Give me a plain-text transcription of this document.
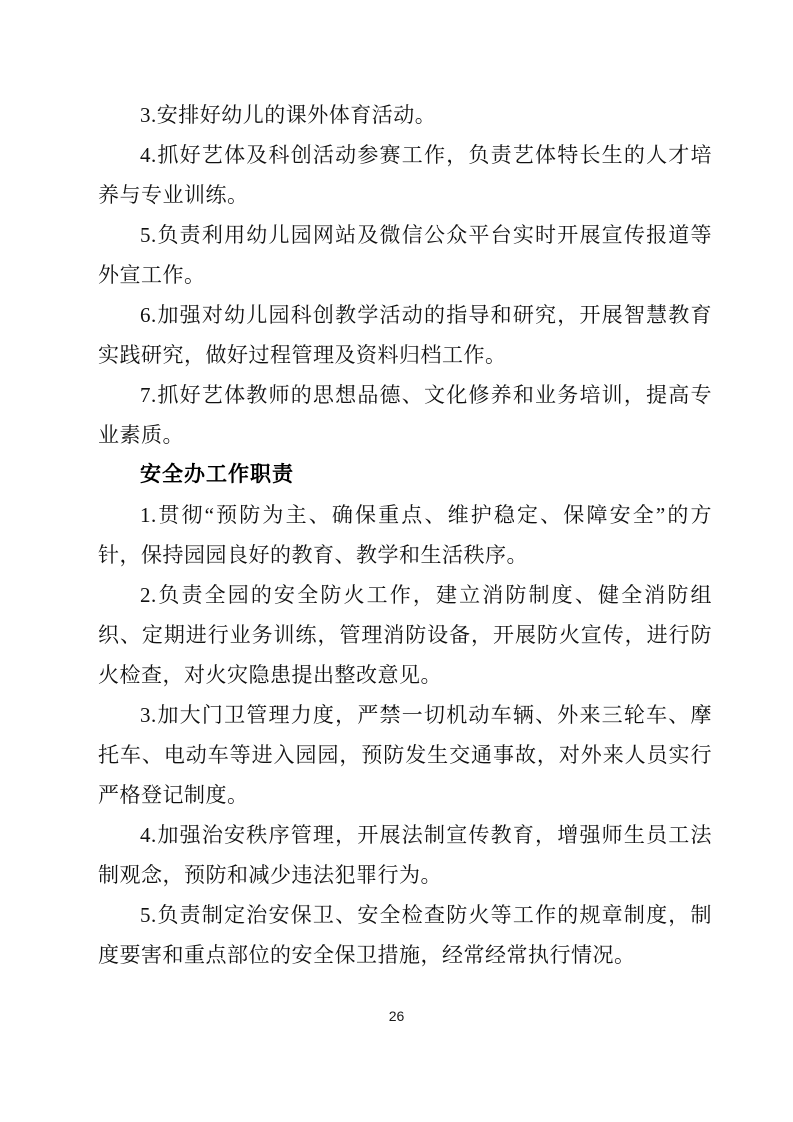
3.安排好幼儿的课外体育活动。

4.抓好艺体及科创活动参赛工作，负责艺体特长生的人才培养与专业训练。

5.负责利用幼儿园网站及微信公众平台实时开展宣传报道等外宣工作。

6.加强对幼儿园科创教学活动的指导和研究，开展智慧教育实践研究，做好过程管理及资料归档工作。

7.抓好艺体教师的思想品德、文化修养和业务培训，提高专业素质。

安全办工作职责

1.贯彻“预防为主、确保重点、维护稳定、保障安全”的方针，保持园园良好的教育、教学和生活秩序。

2.负责全园的安全防火工作，建立消防制度、健全消防组织、定期进行业务训练，管理消防设备，开展防火宣传，进行防火检查，对火灾隐患提出整改意见。

3.加大门卫管理力度，严禁一切机动车辆、外来三轮车、摩托车、电动车等进入园园，预防发生交通事故，对外来人员实行严格登记制度。

4.加强治安秩序管理，开展法制宣传教育，增强师生员工法制观念，预防和减少违法犯罪行为。

5.负责制定治安保卫、安全检查防火等工作的规章制度，制度要害和重点部位的安全保卫措施，经常经常执行情况。

26
